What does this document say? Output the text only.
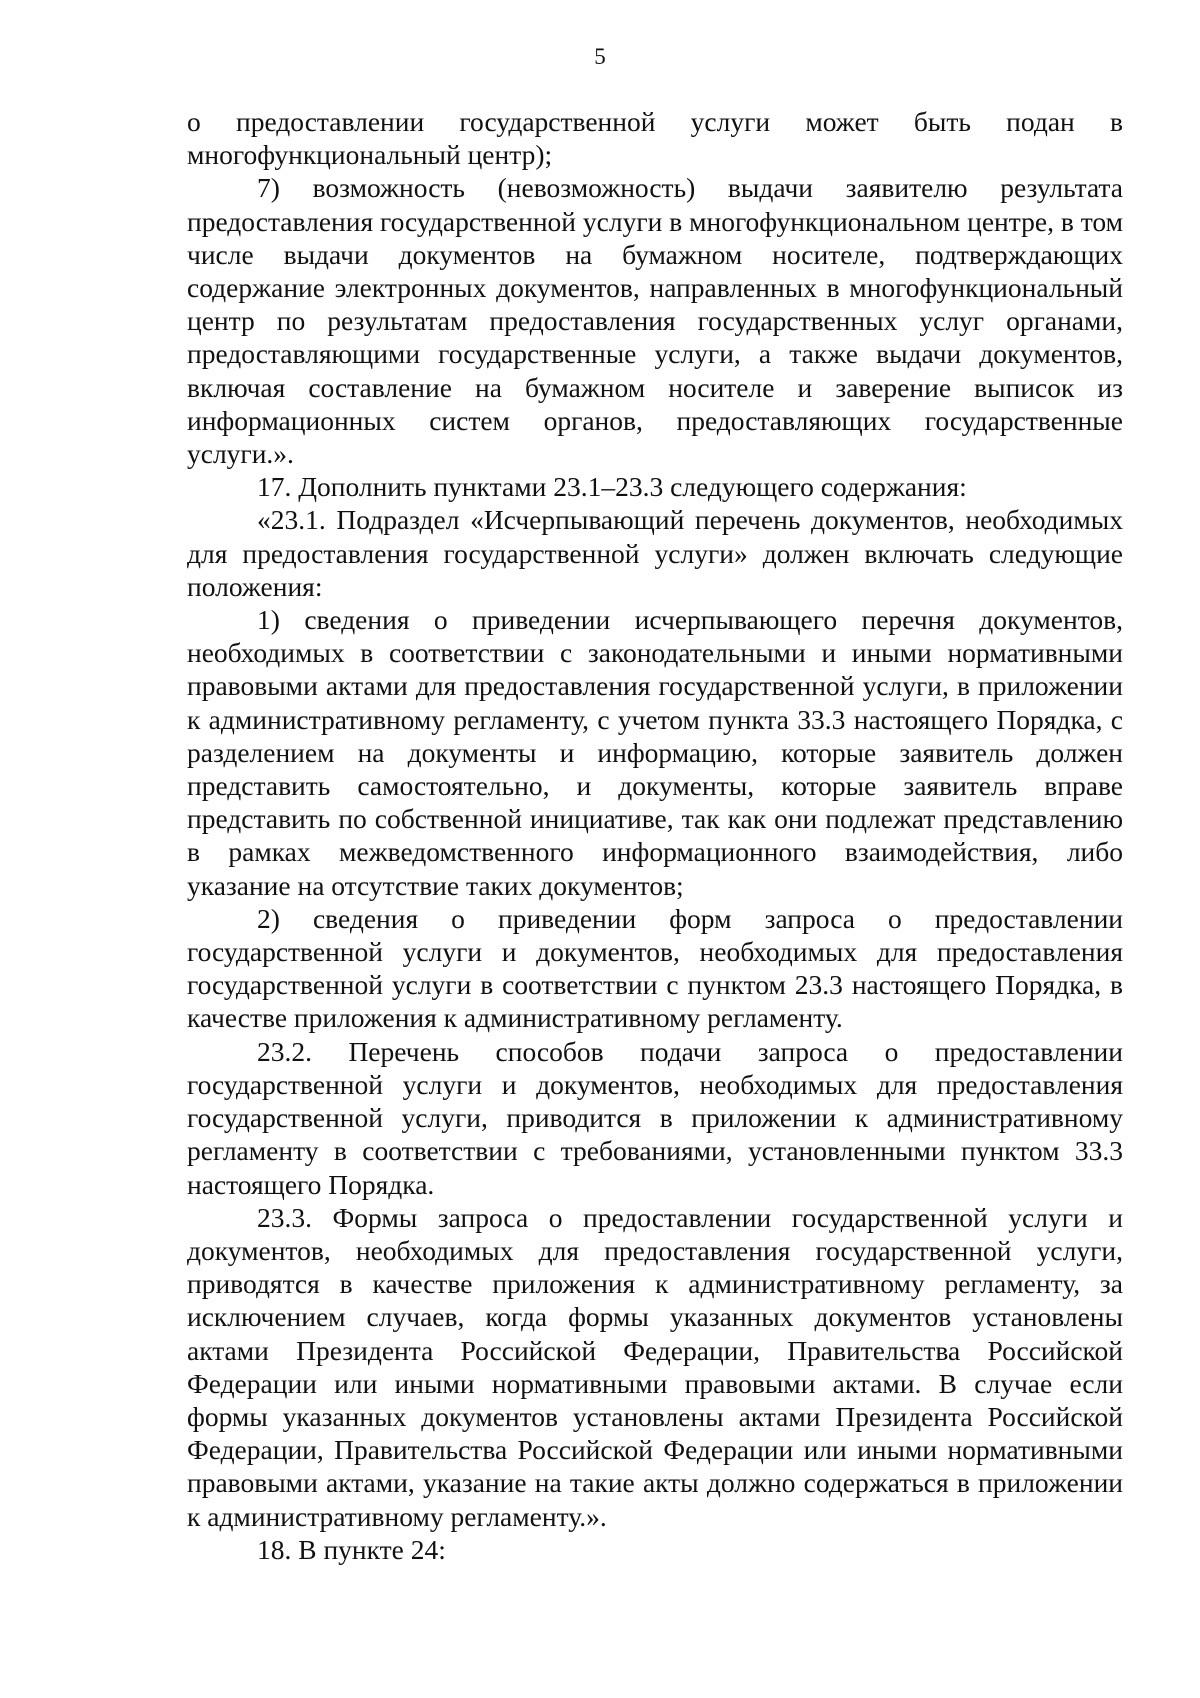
5

о предоставлении государственной услуги может быть подан в многофункциональный центр);

7) возможность (невозможность) выдачи заявителю результата предоставления государственной услуги в многофункциональном центре, в том числе выдачи документов на бумажном носителе, подтверждающих содержание электронных документов, направленных в многофункциональный центр по результатам предоставления государственных услуг органами, предоставляющими государственные услуги, а также выдачи документов, включая составление на бумажном носителе и заверение выписок из информационных систем органов, предоставляющих государственные услуги.».

17. Дополнить пунктами 23.1–23.3 следующего содержания:

«23.1. Подраздел «Исчерпывающий перечень документов, необходимых для предоставления государственной услуги» должен включать следующие положения:

1) сведения о приведении исчерпывающего перечня документов, необходимых в соответствии с законодательными и иными нормативными правовыми актами для предоставления государственной услуги, в приложении к административному регламенту, с учетом пункта 33.3 настоящего Порядка, с разделением на документы и информацию, которые заявитель должен представить самостоятельно, и документы, которые заявитель вправе представить по собственной инициативе, так как они подлежат представлению в рамках межведомственного информационного взаимодействия, либо указание на отсутствие таких документов;

2) сведения о приведении форм запроса о предоставлении государственной услуги и документов, необходимых для предоставления государственной услуги в соответствии с пунктом 23.3 настоящего Порядка, в качестве приложения к административному регламенту.

23.2. Перечень способов подачи запроса о предоставлении государственной услуги и документов, необходимых для предоставления государственной услуги, приводится в приложении к административному регламенту в соответствии с требованиями, установленными пунктом 33.3 настоящего Порядка.

23.3. Формы запроса о предоставлении государственной услуги и документов, необходимых для предоставления государственной услуги, приводятся в качестве приложения к административному регламенту, за исключением случаев, когда формы указанных документов установлены актами Президента Российской Федерации, Правительства Российской Федерации или иными нормативными правовыми актами. В случае если формы указанных документов установлены актами Президента Российской Федерации, Правительства Российской Федерации или иными нормативными правовыми актами, указание на такие акты должно содержаться в приложении к административному регламенту.».

18. В пункте 24:
